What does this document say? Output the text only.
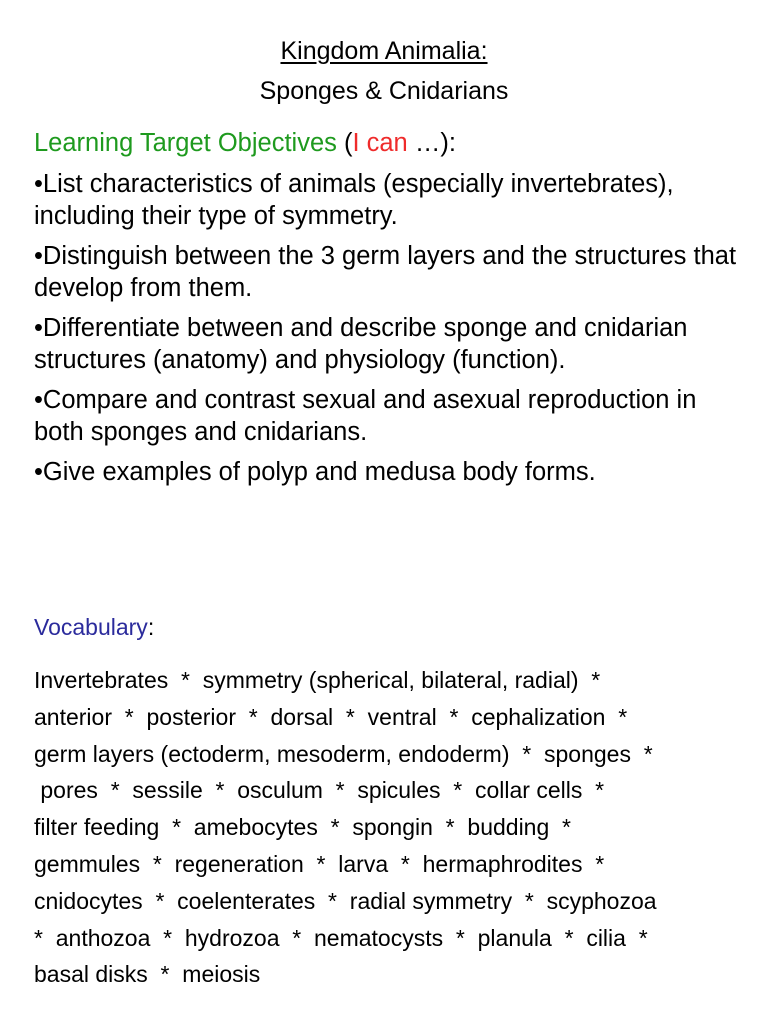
Kingdom Animalia:
Sponges & Cnidarians
Learning Target Objectives (I can …):
•List characteristics of animals (especially invertebrates), including their type of symmetry.
•Distinguish between the 3 germ layers and the structures that develop from them.
•Differentiate between and describe sponge and cnidarian structures (anatomy) and physiology (function).
•Compare and contrast sexual and asexual reproduction in both sponges and cnidarians.
•Give examples of polyp and medusa body forms.
Vocabulary:
Invertebrates  *  symmetry (spherical, bilateral, radial)  *
anterior  *  posterior  *  dorsal  *  ventral  *  cephalization  *
germ layers (ectoderm, mesoderm, endoderm)  *  sponges  *
pores  *  sessile  *  osculum  *  spicules  *  collar cells  *
filter feeding  *  amebocytes  *  spongin  *  budding  *
gemmules  *  regeneration  *  larva  *  hermaphrodites  *
cnidocytes  *  coelenterates  *  radial symmetry  *  scyphozoa
*  anthozoa  *  hydrozoa  *  nematocysts  *  planula  *  cilia  *
basal disks  *  meiosis
